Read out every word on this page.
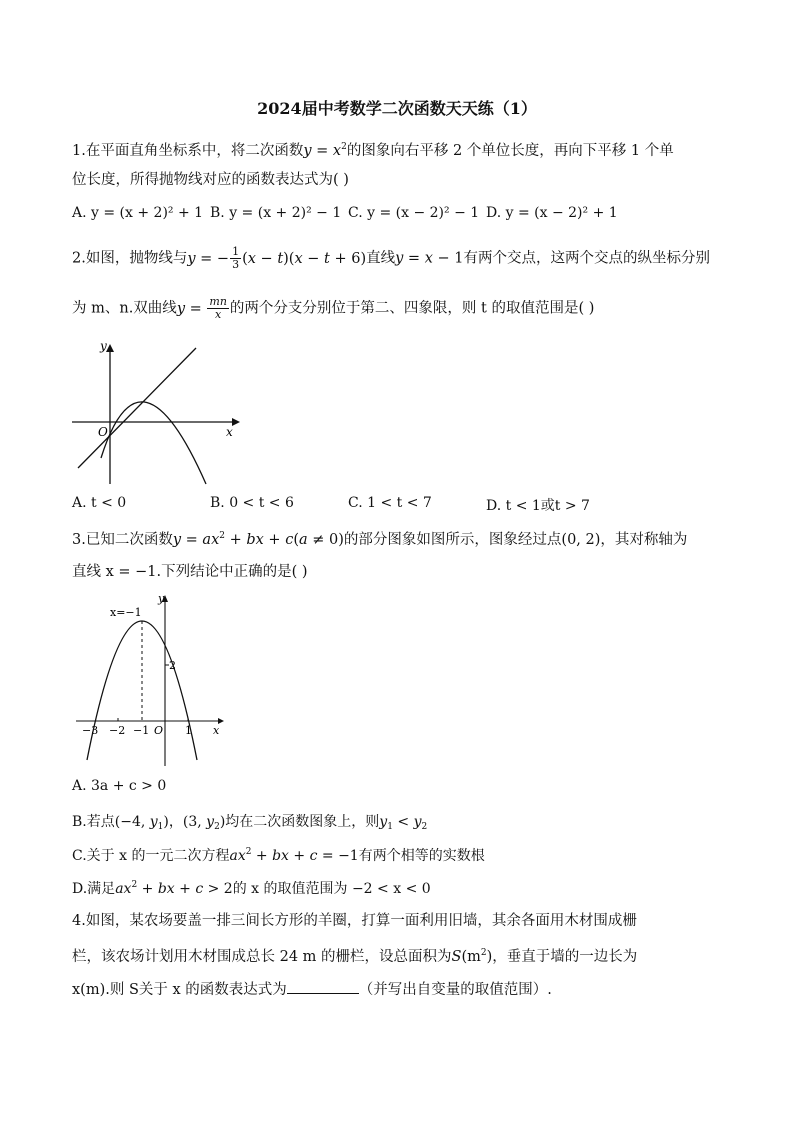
2024届中考数学二次函数天天练（1）
1.在平面直角坐标系中，将二次函数$y = x^2$的图象向右平移 2 个单位长度，再向下平移 1 个单
位长度，所得抛物线对应的函数表达式为( )
A. y = (x + 2)² + 1 B. y = (x + 2)² − 1 C. y = (x − 2)² − 1 D. y = (x − 2)² + 1
2.如图，抛物线与y = − $\frac{1}{3} (x - t)(x - t + 6)$直线y = x − 1有两个交点，这两个交点的纵坐标分别
为 m、n.双曲线$y = \frac{mn}{x}$ 的两个分支分别位于第二、四象限，则 t 的取值范围是( )
y
x
O
A. t < 0	B. 0 < t < 6	C. 1 < t < 7	D. t < 1或t > 7
3.已知二次函数$y = ax^2$ + bx + c(a ≠ 0)的部分图象如图所示，图象经过点(0, 2)，其对称轴为
直线 x = −1.下列结论中正确的是( )
x=−1
y
x
O
2
−3 −2 −1	1
A. 3a + c > 0
B.若点(−4, $y_1$)，(3, $y_2$)均在二次函数图象上，则$y_1 < y_2$
C.关于 x 的一元二次方程$ax^2$ + bx + c = −1有两个相等的实数根
D.满足$ax^2$ + bx + c > 2的 x 的取值范围为 −2 < x < 0
4.如图，某农场要盖一排三间长方形的羊圈，打算一面利用旧墙，其余各面用木材围成栅
栏，该农场计划用木材围成总长 24 m 的栅栏，设总面积为$S(m^2)$，垂直于墙的一边长为
x(m).则 S关于 x 的函数表达式为	（并写出自变量的取值范围）.
